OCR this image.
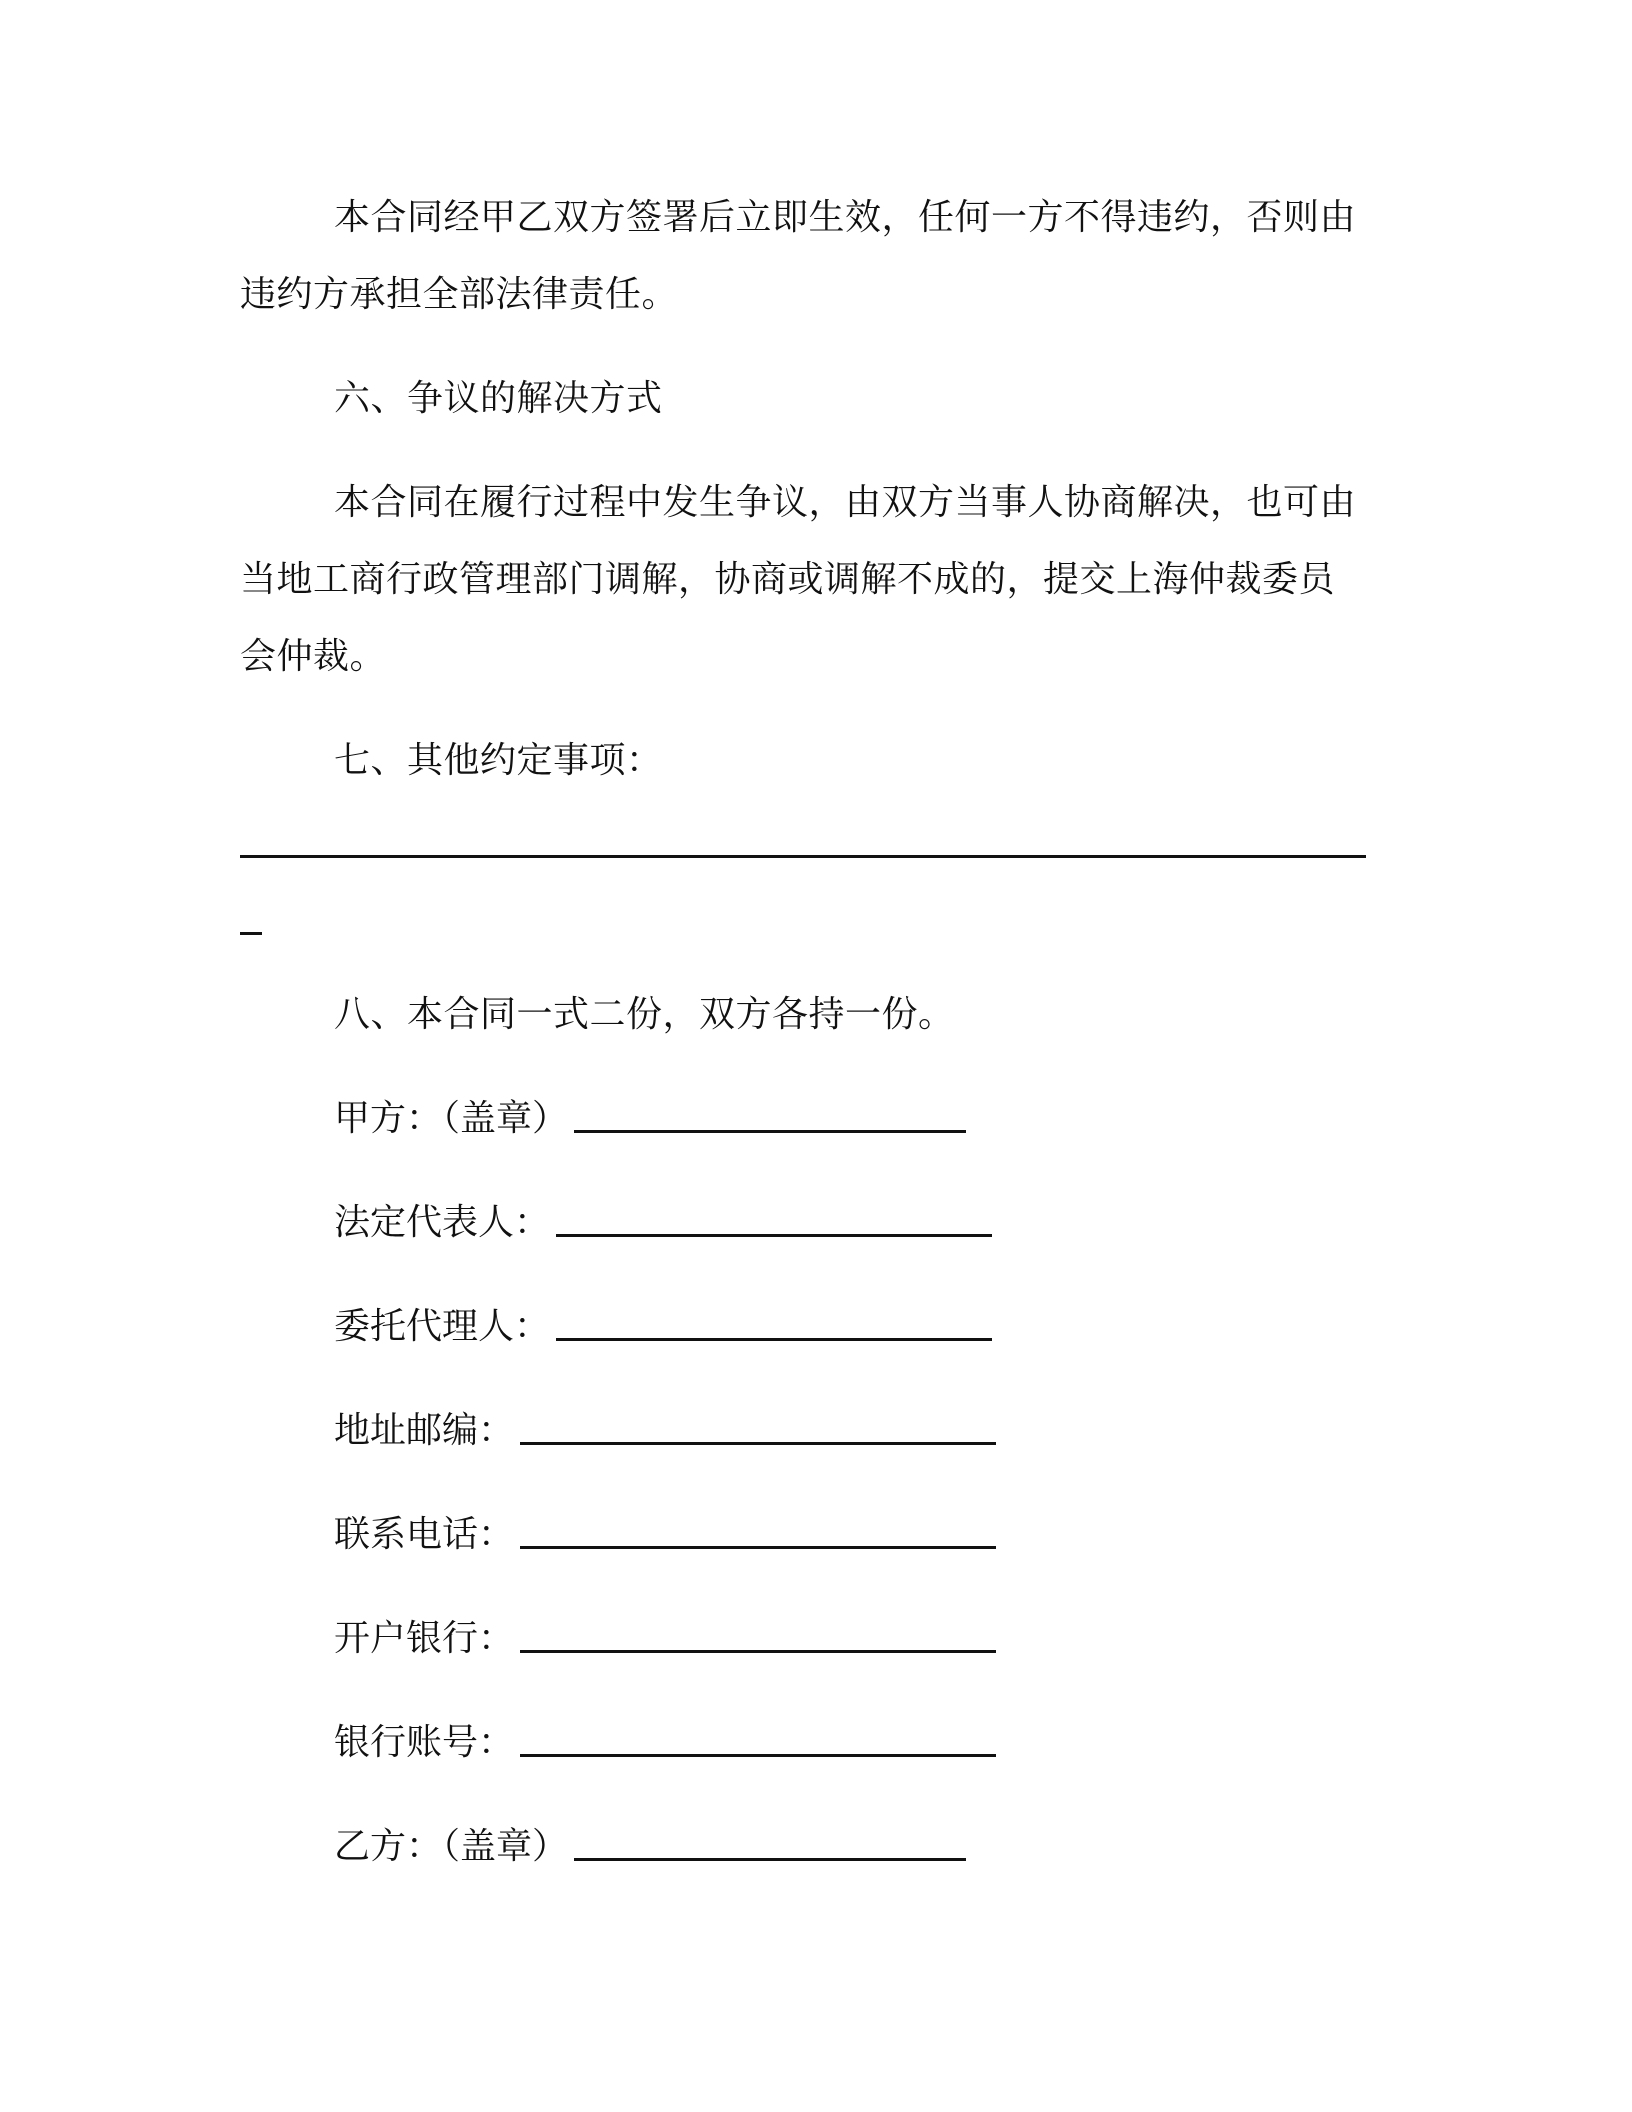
本合同经甲乙双方签署后立即生效，任何一方不得违约，否则由
违约方承担全部法律责任。
六、争议的解决方式
本合同在履行过程中发生争议，由双方当事人协商解决，也可由
当地工商行政管理部门调解，协商或调解不成的，提交上海仲裁委员
会仲裁。
七、其他约定事项：
八、本合同一式二份，双方各持一份。
甲方：（盖章）
法定代表人：
委托代理人：
地址邮编：
联系电话：
开户银行：
银行账号：
乙方：（盖章）
